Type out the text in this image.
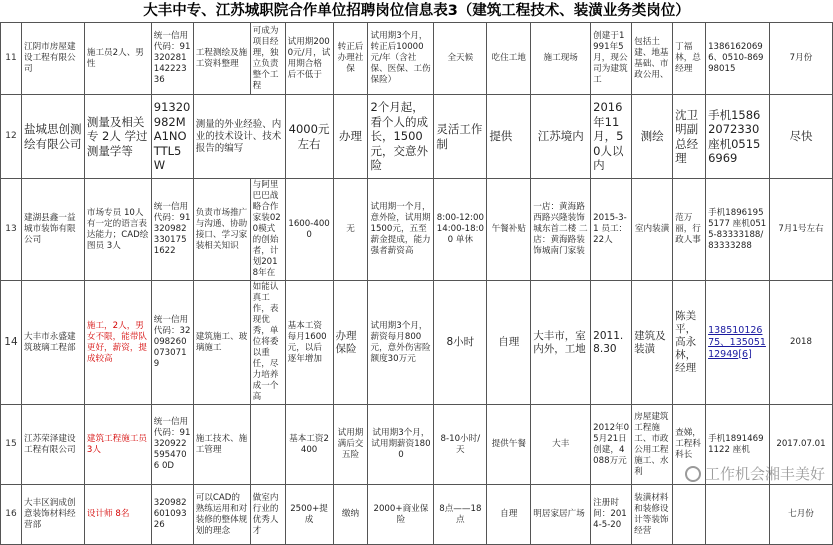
大丰中专、江苏城职院合作单位招聘岗位信息表3（建筑工程技术、装潢业务类岗位）
11	江阴市房屋建设工程有限公司	施工员2人、男性	统一信用代码：91320281142223 36	工程测绘及施工资料整理	可成为项目经理，独立负责整个工程	试用期2000元/月，试用期合格后不低于	转正后办理社保	试用期3个月，转正后10000元/年（含社保、医保、工伤保险）	全天候	吃住工地	施工现场	创建于1991年5月，现公司为建筑工	包括土建、地基基础、市政公用、	丁福林，总经理	13861620696、0510-86998015	7月份
12	盐城思创测绘有限公司	测量及相关专 2人 学过测量学等	91320982MA1NOTTL5W	测量的外业经验、内业的技术设计、技术报告的编写		4000元左右	办理	2个月起，看个人的成长，1500元，交意外险	灵活工作制	提供	江苏境内	2016年11月，50人以内	测绘	沈卫明副总经理	手机15862072330 座机05156969	尽快
13	建湖县鑫一益城市装饰有限公司	市场专员 10人 有一定的语言表达能力；CAD绘图员 3人	统一信用代码：913209823301751622	负责市场推广与沟通、协助接口、学习家装相关知识	与阿里巴巴战略合作家装020模式的创始者，计划2018年在	1600-4000	无	试用期一个月，意外险，试用期1500元，五至薪金提成，能力强者薪资高	8:00-12:00 14:00-18:00 单休	午餐补贴	一店：黄海路西路兴隆装饰城东首二楼 二店：黄海路装饰城南门家装	2015-3-1 员工：22人	室内装潢	范万丽，行政人事	手机18961955177 座机0515-83333188/83333288	7月1号左右
14	大丰市永盛建筑玻璃工程部	施工，2人，男女不限，能带队更好，薪资，提成较高	统一信用代码：320982600730719	建筑施工、玻璃施工	如能认真工作，表现优秀，单位将委以重任，尽力培养成一个高	基本工资每月1600元，以后逐年增加	办理保险	试用期3个月，薪资每月800元，意外伤害险额度30万元	8小时	自理	大丰市，室内外，工地	2011.8.30	建筑及装潢	陈美平，高永林，经理	13851012675、13505112949[6]	2018
15	江苏荣泽建设工程有限公司	建筑工程施工员 3人	统一信用代码：913209225954706 0D	施工技术、施工管理		基本工资2400	试用期满后交五险	试用期3个月，试用期薪资1800	8-10小时/天	提供午餐	大丰	2012年05月21日创建，4088万元	房屋建筑工程施工、市政公用工程施工、水利	查娣，工程科科长	手机18914691122 座机	2017.07.01
16	大丰区润成创意装饰材料经营部	设计师 8名	32098260109326	可以CAD的熟练运用和对装修的整体规划的理念	做室内行业的优秀人才	2500+提成	缴纳	2000+商业保险	8点——18点	自理	明居家居广场	注册时间：2014-5-20	装潢材料和装修设计等装饰经营			七月份
工作机会湘丰美好
